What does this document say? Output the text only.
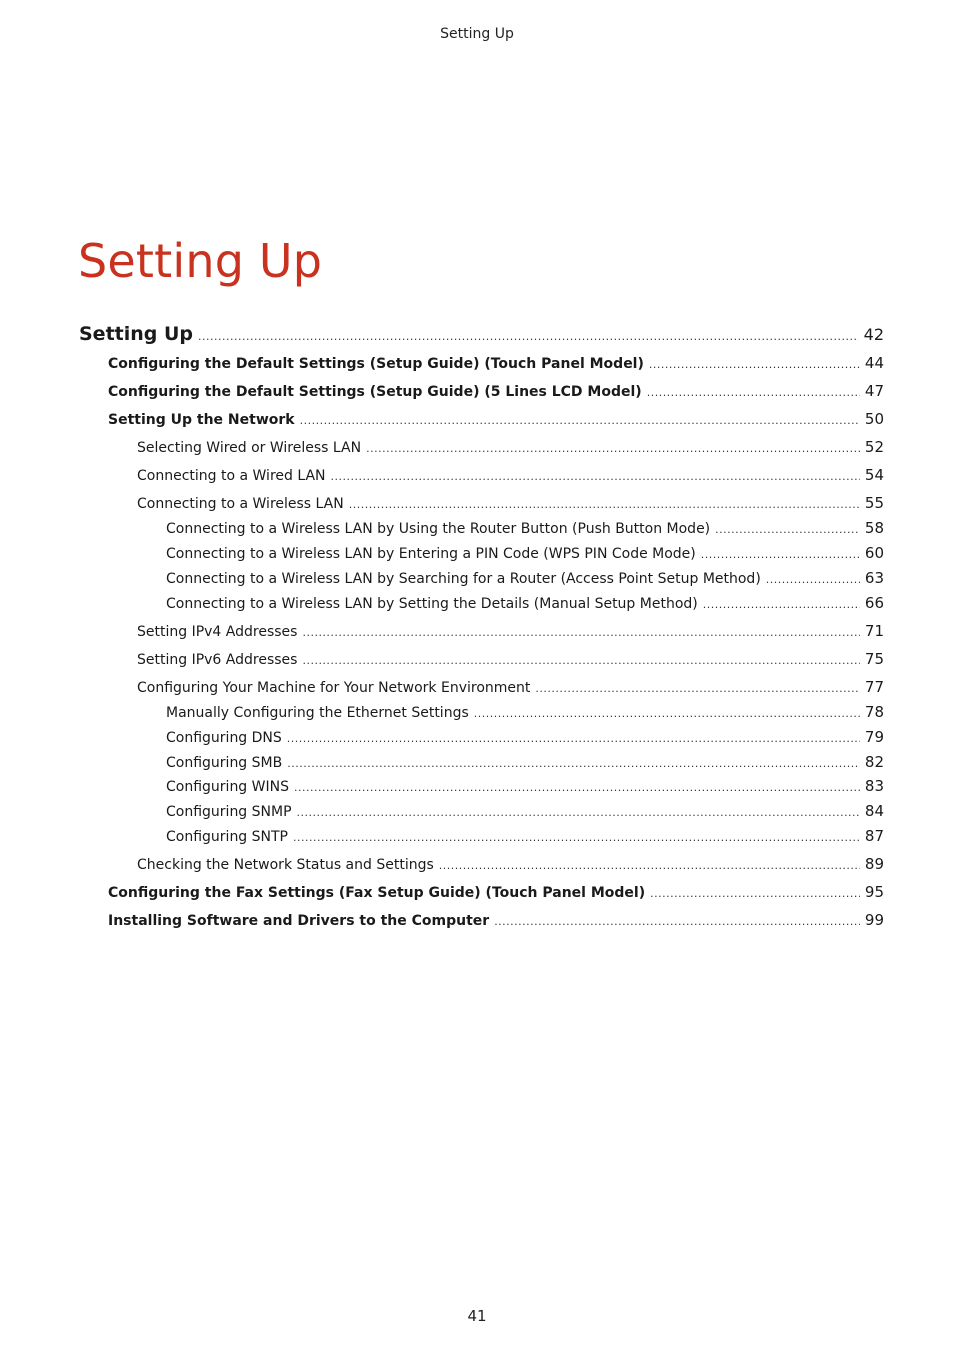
Setting Up
Setting Up
Setting Up .....	42
Configuring the Default Settings (Setup Guide) (Touch Panel Model) .....	44
Configuring the Default Settings (Setup Guide) (5 Lines LCD Model) .....	47
Setting Up the Network .....	50
Selecting Wired or Wireless LAN .....	52
Connecting to a Wired LAN .....	54
Connecting to a Wireless LAN .....	55
Connecting to a Wireless LAN by Using the Router Button (Push Button Mode) .....	58
Connecting to a Wireless LAN by Entering a PIN Code (WPS PIN Code Mode) .....	60
Connecting to a Wireless LAN by Searching for a Router (Access Point Setup Method) .....	63
Connecting to a Wireless LAN by Setting the Details (Manual Setup Method) .....	66
Setting IPv4 Addresses .....	71
Setting IPv6 Addresses .....	75
Configuring Your Machine for Your Network Environment .....	77
Manually Configuring the Ethernet Settings .....	78
Configuring DNS .....	79
Configuring SMB .....	82
Configuring WINS .....	83
Configuring SNMP .....	84
Configuring SNTP .....	87
Checking the Network Status and Settings .....	89
Configuring the Fax Settings (Fax Setup Guide) (Touch Panel Model) .....	95
Installing Software and Drivers to the Computer .....	99
41
